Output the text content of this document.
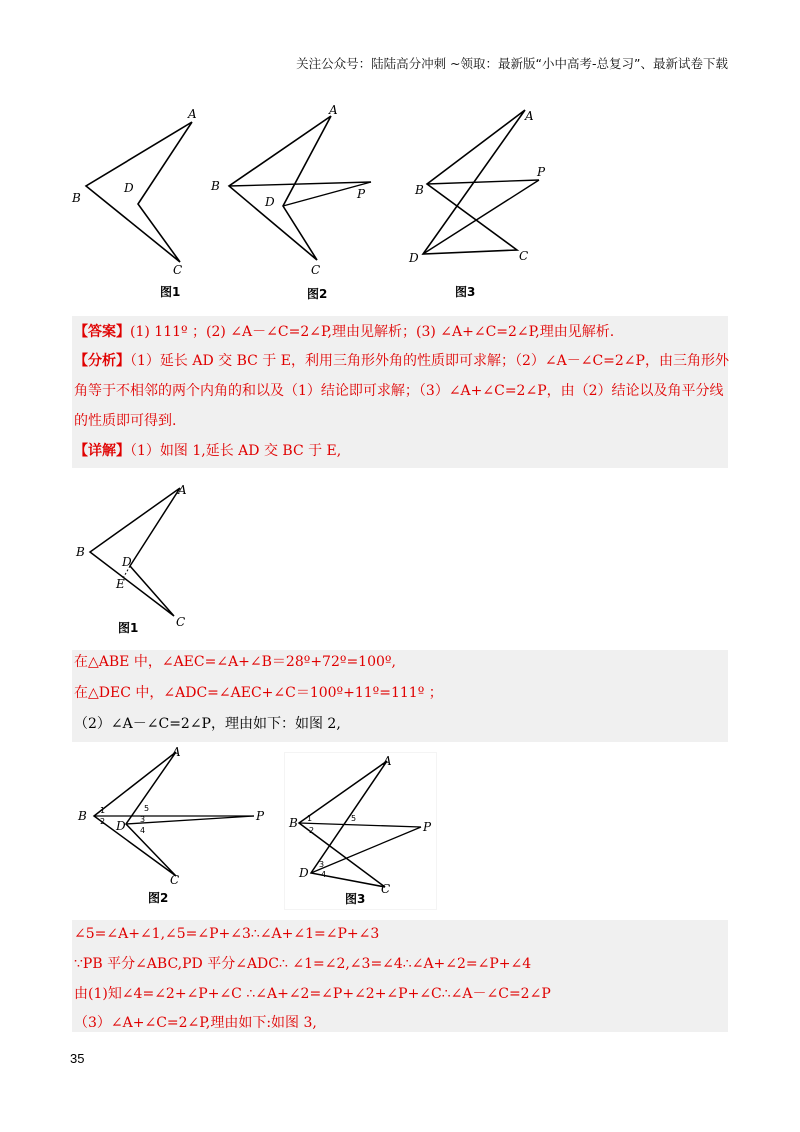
关注公众号：陆陆高分冲刺 ~领取：最新版“小中高考-总复习”、最新试卷下载
A
B
D
C
图1
A
B
D
P
C
图2
A
B
P
D	C
图3
【答案】(1) 111º ；(2) ∠A－∠C=2∠P,理由见解析；(3) ∠A+∠C=2∠P,理由见解析.
【分析】（1）延长 AD 交 BC 于 E，利用三角形外角的性质即可求解；（2）∠A－∠C=2∠P，由三角形外
角等于不相邻的两个内角的和以及（1）结论即可求解；（3）∠A+∠C=2∠P，由（2）结论以及角平分线
的性质即可得到.
【详解】（1）如图 1,延长 AD 交 BC 于 E,
A
B
D
E
C
图1
在△ABE 中，∠AEC=∠A+∠B＝28º+72º=100º,
在△DEC 中，∠ADC=∠AEC+∠C＝100º+11º=111º ；
（2）∠A－∠C=2∠P，理由如下：如图 2,
A
B
D
P
C
1
2	3
4
5
图2
A
B	P
D
C
1
2
3
4
5
图3
∠5=∠A+∠1,∠5=∠P+∠3∴∠A+∠1=∠P+∠3
∵PB 平分∠ABC,PD 平分∠ADC∴ ∠1=∠2,∠3=∠4∴∠A+∠2=∠P+∠4
由(1)知∠4=∠2+∠P+∠C ∴∠A+∠2=∠P+∠2+∠P+∠C∴∠A－∠C=2∠P
（3）∠A+∠C=2∠P,理由如下:如图 3,
35
